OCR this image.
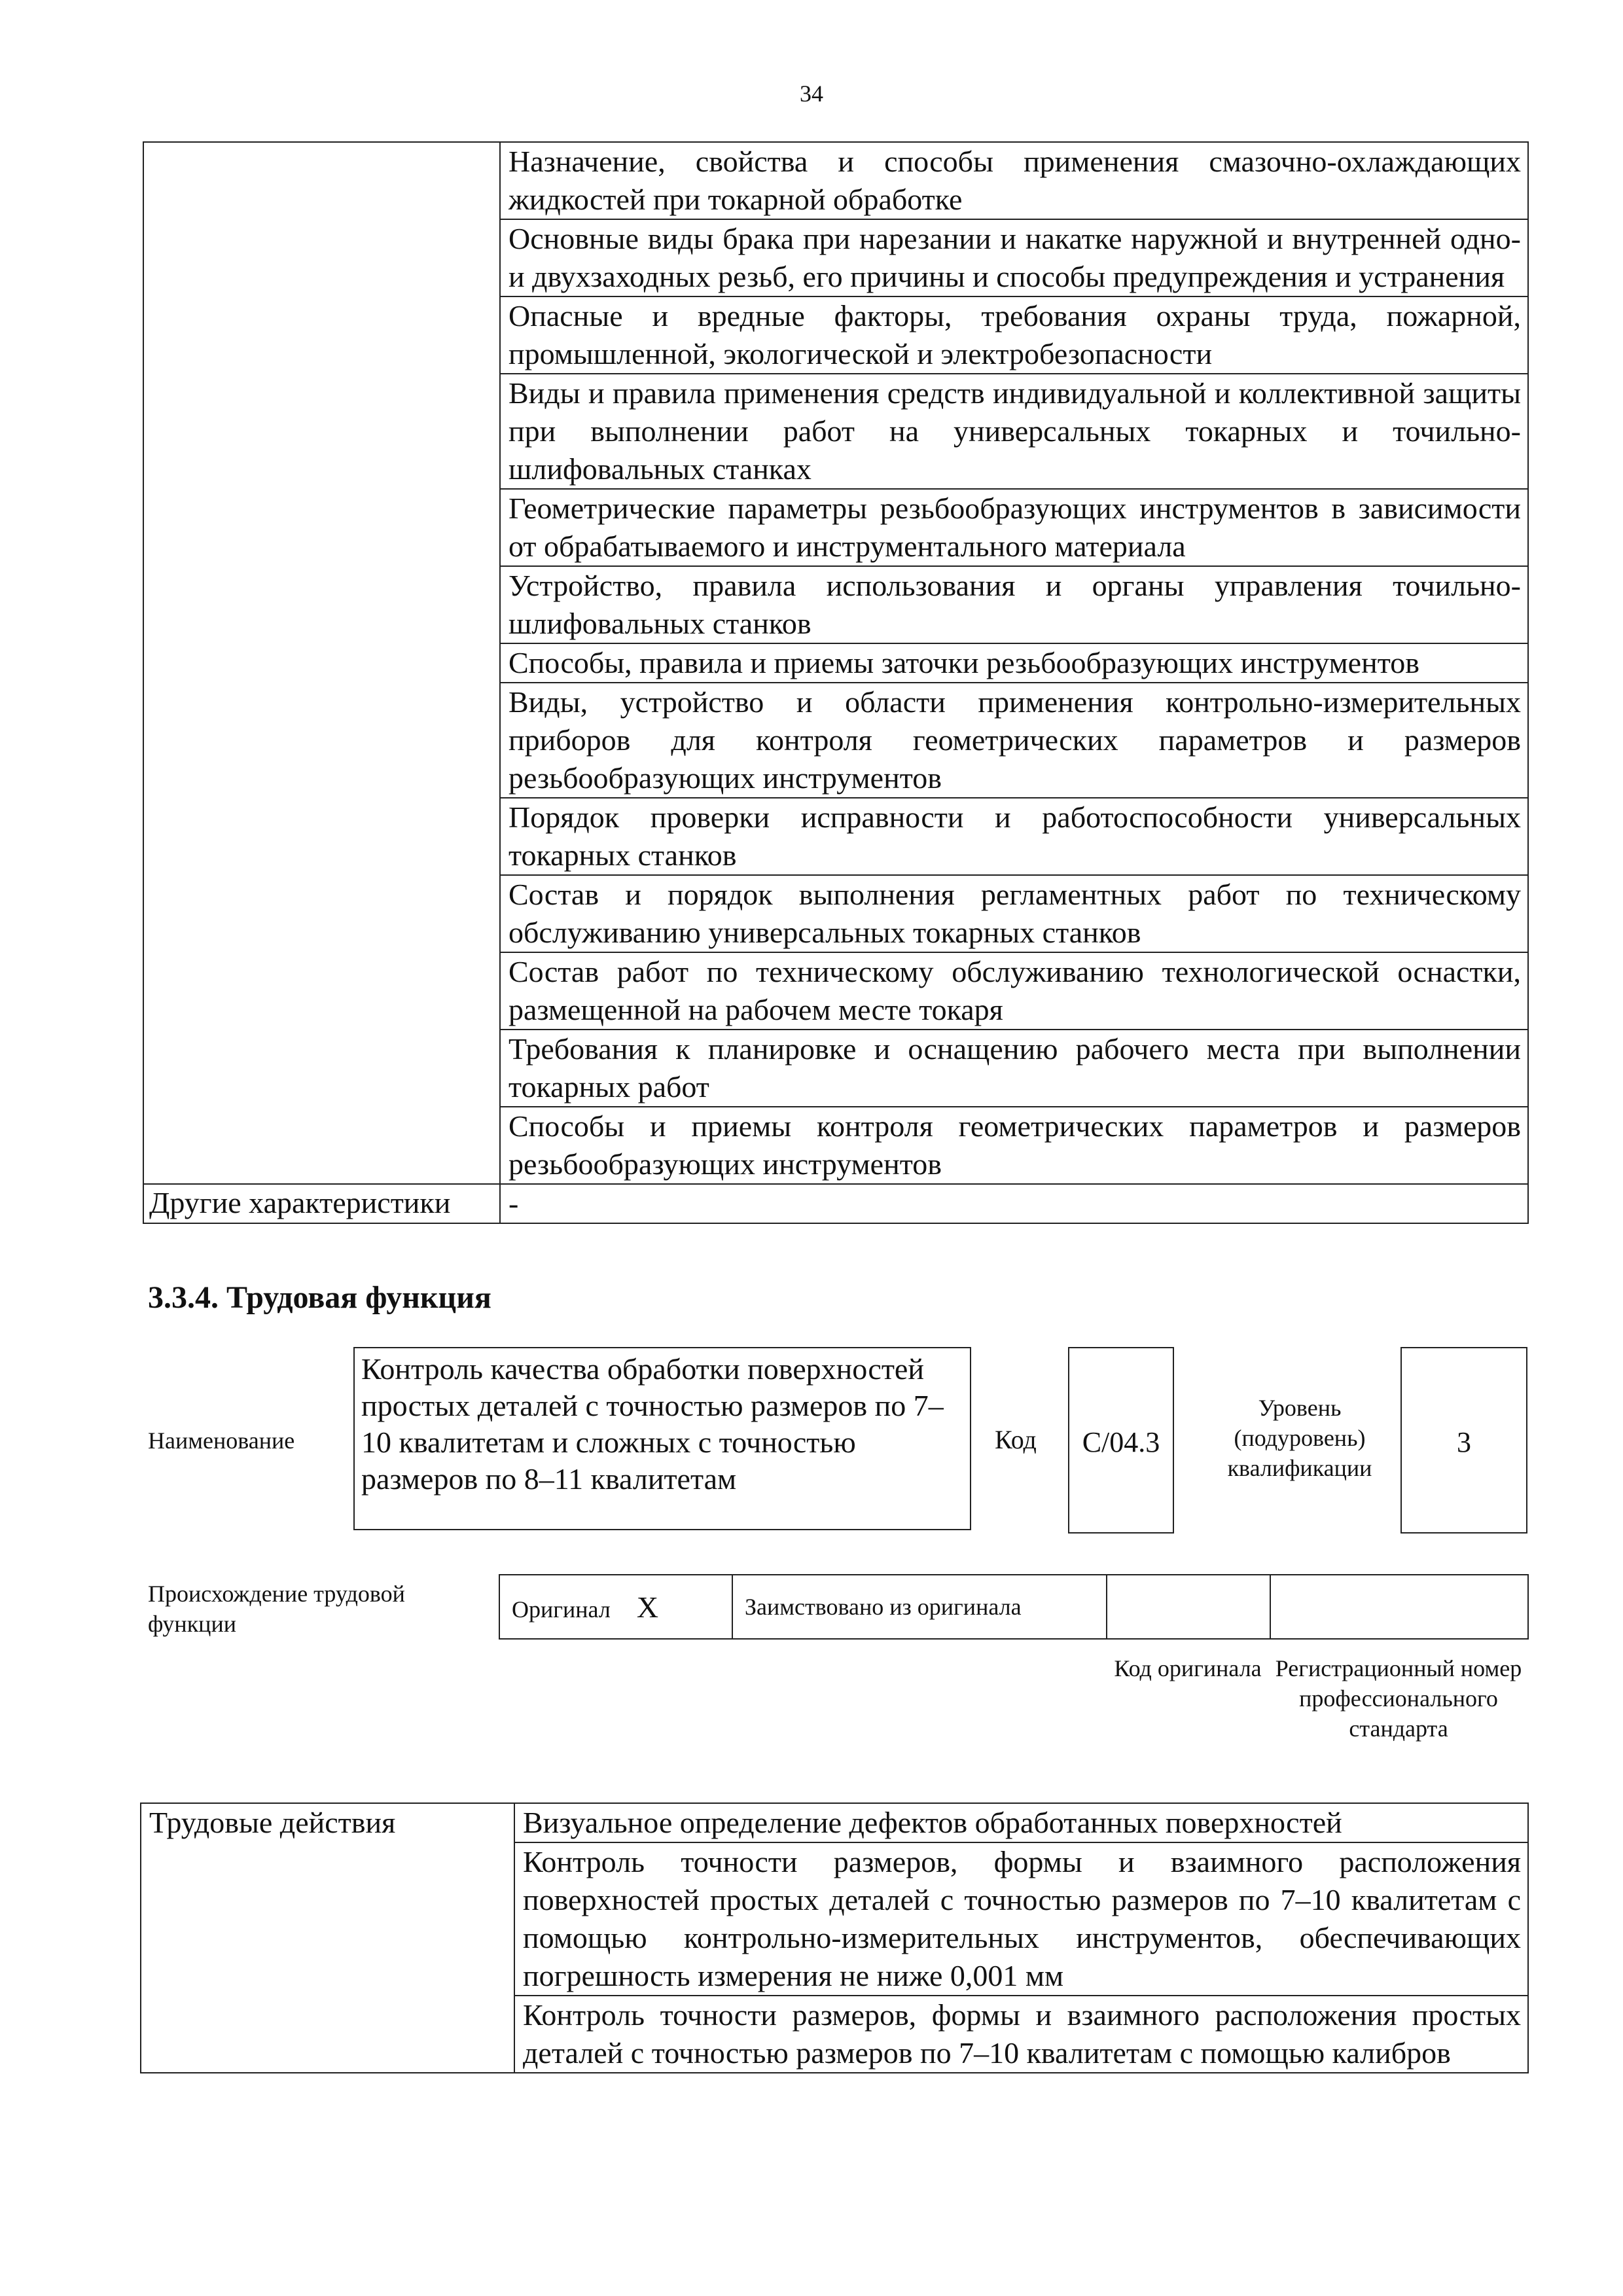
34
	Назначение, свойства и способы применения смазочно-охлаждающих жидкостей при токарной обработке
	Основные виды брака при нарезании и накатке наружной и внутренней одно- и двухзаходных резьб, его причины и способы предупреждения и устранения
	Опасные и вредные факторы, требования охраны труда, пожарной, промышленной, экологической и электробезопасности
	Виды и правила применения средств индивидуальной и коллективной защиты при выполнении работ на универсальных токарных и точильно-шлифовальных станках
	Геометрические параметры резьбообразующих инструментов в зависимости от обрабатываемого и инструментального материала
	Устройство, правила использования и органы управления точильно-шлифовальных станков
	Способы, правила и приемы заточки резьбообразующих инструментов
	Виды, устройство и области применения контрольно-измерительных приборов для контроля геометрических параметров и размеров резьбообразующих инструментов
	Порядок проверки исправности и работоспособности универсальных токарных станков
	Состав и порядок выполнения регламентных работ по техническому обслуживанию универсальных токарных станков
	Состав работ по техническому обслуживанию технологической оснастки, размещенной на рабочем месте токаря
	Требования к планировке и оснащению рабочего места при выполнении токарных работ
	Способы и приемы контроля геометрических параметров и размеров резьбообразующих инструментов
Другие характеристики	-
3.3.4. Трудовая функция
Наименование
Контроль качества обработки поверхностей простых деталей с точностью размеров по 7–10 квалитетам и сложных с точностью размеров по 8–11 квалитетам
Код	C/04.3
Уровень (подуровень) квалификации
3
Происхождение трудовой функции
Оригинал X	Заимствовано из оригинала		
Код оригинала Регистрационный номер профессионального стандарта
Трудовые действия	Визуальное определение дефектов обработанных поверхностей
Контроль точности размеров, формы и взаимного расположения поверхностей простых деталей с точностью размеров по 7–10 квалитетам с помощью контрольно-измерительных инструментов, обеспечивающих погрешность измерения не ниже 0,001 мм
Контроль точности размеров, формы и взаимного расположения простых деталей с точностью размеров по 7–10 квалитетам с помощью калибров
